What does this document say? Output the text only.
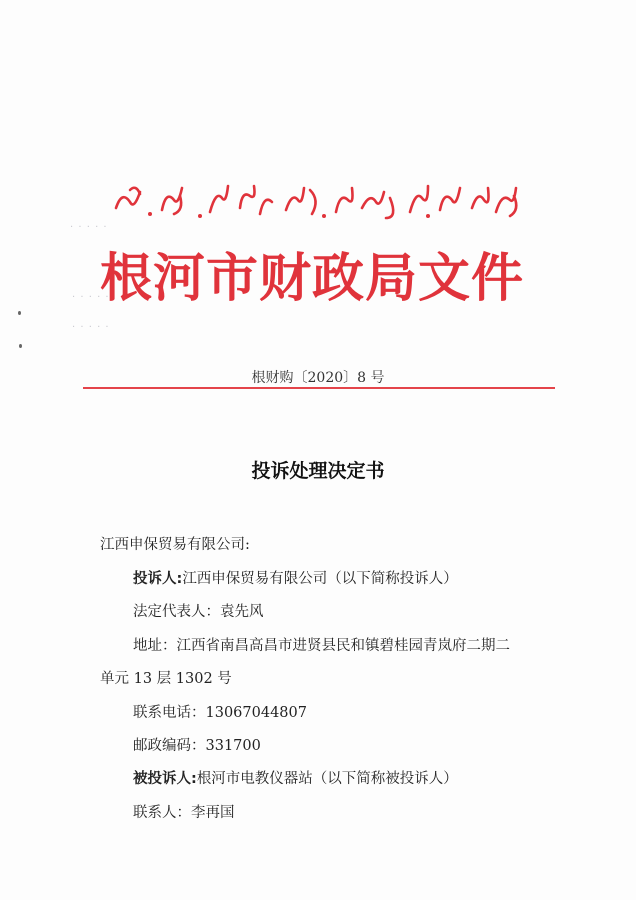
· · · · ·
· · · · ·
· · · · ·
根河市财政局文件
根财购〔2020〕8 号
投诉处理决定书
江西申保贸易有限公司:
投诉人:江西申保贸易有限公司（以下简称投诉人）
法定代表人：袁先风
地址：江西省南昌高昌市进贤县民和镇碧桂园青岚府二期二
单元 13 层 1302 号
联系电话：13067044807
邮政编码：331700
被投诉人:根河市电教仪器站（以下简称被投诉人）
联系人：李再国
